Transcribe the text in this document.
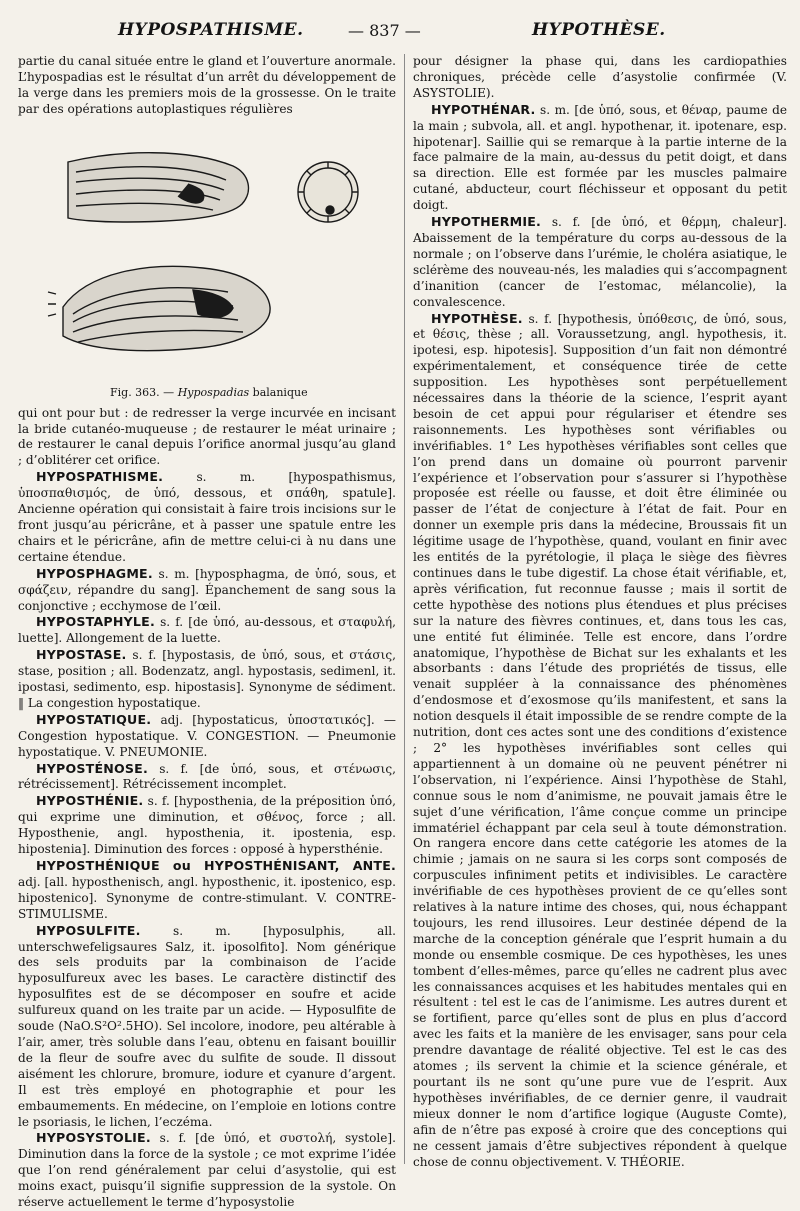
HYPOSPATHISME.	— 837 —	HYPOTHÈSE.

partie du canal située entre le gland et l’ouverture anormale. L’hypospadias est le résultat d’un arrêt du développement de la verge dans les premiers mois de la grossesse. On le traite par des opérations autoplastiques régulières

Fig. 363. — Hypospadias balanique

qui ont pour but : de redresser la verge incurvée en incisant la bride cutanéo-muqueuse ; de restaurer le méat urinaire ; de restaurer le canal depuis l’orifice anormal jusqu’au gland ; d’oblitérer cet orifice.

HYPOSPATHISME.	s. m. [hypospathismus, ὑποσπαθισμός, de ὑπό, dessous, et σπάθη, spatule]. Ancienne opération qui consistait à faire trois incisions sur le front jusqu’au péricrâne, et à passer une spatule entre les chairs et le péricrâne, afin de mettre celui-ci à nu dans une certaine étendue.

HYPOSPHAGME. s. m. [hyposphagma, de ὑπό, sous, et σφάζειν, répandre du sang]. Épanchement de sang sous la conjonctive ; ecchymose de l’œil.

HYPOSTAPHYLE. s. f. [de ὑπό, au-dessous, et σταφυλή, luette]. Allongement de la luette.

HYPOSTASE. s. f. [hypostasis, de ὑπό, sous, et στάσις, stase, position ; all. Bodenzatz, angl. hypostasis, sedimenl, it. ipostasi, sedimento, esp. hipostasis]. Synonyme de sédiment. ‖ La congestion hypostatique.

HYPOSTATIQUE. adj. [hypostaticus, ὑποστατικός]. — Congestion hypostatique. V. CONGESTION. — Pneumonie hypostatique. V. PNEUMONIE.

HYPOSTÉNOSE. s. f. [de ὑπό, sous, et στένωσις, rétrécissement]. Rétrécissement incomplet.

HYPOSTHÉNIE. s. f. [hyposthenia, de la préposition ὑπό, qui exprime une diminution, et σθένος, force ; all. Hyposthenie, angl. hyposthenia, it. ipostenia, esp. hipostenia]. Diminution des forces : opposé à hypersthénie.

HYPOSTHÉNIQUE ou HYPOSTHÉNISANT, ANTE. adj. [all. hyposthenisch, angl. hyposthenic, it. ipostenico, esp. hipostenico]. Synonyme de contre-stimulant. V. CONTRE-STIMULISME.

HYPOSULFITE.	s. m. [hyposulphis, all. unterschwefeligsaures Salz, it. iposolfito]. Nom générique des sels produits par la combinaison de l’acide hyposulfureux avec les bases. Le caractère distinctif des hyposulfites est de se décomposer en soufre et acide sulfureux quand on les traite par un acide. — Hyposulfite de soude (NaO.S²O².5HO). Sel incolore, inodore, peu altérable à l’air, amer, très soluble dans l’eau, obtenu en faisant bouillir de la fleur de soufre avec du sulfite de soude. Il dissout aisément les chlorure, bromure, iodure et cyanure d’argent. Il est très employé en photographie et pour les embaumements. En médecine, on l’emploie en lotions contre le psoriasis, le lichen, l’eczéma.

HYPOSYSTOLIE. s. f. [de ὑπό, et συστολή, systole]. Diminution dans la force de la systole ; ce mot exprime l’idée que l’on rend généralement par celui d’asystolie, qui est moins exact, puisqu’il signifie suppression de la systole. On réserve actuellement le terme d’hyposystolie

pour désigner la phase qui, dans les cardiopathies chroniques, précède celle d’asystolie confirmée (V. ASYSTOLIE).

HYPOTHÉNAR. s. m. [de ὑπό, sous, et θέναρ, paume de la main ; subvola, all. et angl. hypothenar, it. ipotenare, esp. hipotenar]. Saillie qui se remarque à la partie interne de la face palmaire de la main, au-dessus du petit doigt, et dans sa direction. Elle est formée par les muscles palmaire cutané, abducteur, court fléchisseur et opposant du petit doigt.

HYPOTHERMIE. s. f. [de ὑπό, et θέρμη, chaleur]. Abaissement de la température du corps au-dessous de la normale ; on l’observe dans l’urémie, le choléra asiatique, le sclérème des nouveau-nés, les maladies qui s’accompagnent d’inanition (cancer de l’estomac, mélancolie), la convalescence.

HYPOTHÈSE. s. f. [hypothesis, ὑπόθεσις, de ὑπό, sous, et θέσις, thèse ; all. Voraussetzung, angl. hypothesis, it. ipotesi, esp. hipotesis]. Supposition d’un fait non démontré expérimentalement, et conséquence tirée de cette supposition. Les hypothèses sont perpétuellement nécessaires dans la théorie de la science, l’esprit ayant besoin de cet appui pour régulariser et étendre ses raisonnements. Les hypothèses sont vérifiables ou invérifiables. 1° Les hypothèses vérifiables sont celles que l’on prend dans un domaine où pourront parvenir l’expérience et l’observation pour s’assurer si l’hypothèse proposée est réelle ou fausse, et doit être éliminée ou passer de l’état de conjecture à l’état de fait. Pour en donner un exemple pris dans la médecine, Broussais fit un légitime usage de l’hypothèse, quand, voulant en finir avec les entités de la pyrétologie, il plaça le siège des fièvres continues dans le tube digestif. La chose était vérifiable, et, après vérification, fut reconnue fausse ; mais il sortit de cette hypothèse des notions plus étendues et plus précises sur la nature des fièvres continues, et, dans tous les cas, une entité fut éliminée. Telle est encore, dans l’ordre anatomique, l’hypothèse de Bichat sur les exhalants et les absorbants : dans l’étude des propriétés de tissus, elle venait suppléer à la connaissance des phénomènes d’endosmose et d’exosmose qu’ils manifestent, et sans la notion desquels il était impossible de se rendre compte de la nutrition, dont ces actes sont une des conditions d’existence ; 2° les hypothèses invérifiables sont celles qui appartiennent à un domaine où ne peuvent pénétrer ni l’observation, ni l’expérience. Ainsi l’hypothèse de Stahl, connue sous le nom d’animisme, ne pouvait jamais être le sujet d’une vérification, l’âme conçue comme un principe immatériel échappant par cela seul à toute démonstration. On rangera encore dans cette catégorie les atomes de la chimie ; jamais on ne saura si les corps sont composés de corpuscules infiniment petits et indivisibles. Le caractère invérifiable de ces hypothèses provient de ce qu’elles sont relatives à la nature intime des choses, qui, nous échappant toujours, les rend illusoires. Leur destinée dépend de la marche de la conception générale que l’esprit humain a du monde ou ensemble cosmique. De ces hypothèses, les unes tombent d’elles-mêmes, parce qu’elles ne cadrent plus avec les connaissances acquises et les habitudes mentales qui en résultent : tel est le cas de l’animisme. Les autres durent et se fortifient, parce qu’elles sont de plus en plus d’accord avec les faits et la manière de les envisager, sans pour cela prendre davantage de réalité objective. Tel est le cas des atomes ; ils servent la chimie et la science générale, et pourtant ils ne sont qu’une pure vue de l’esprit. Aux hypothèses invérifiables, de ce dernier genre, il vaudrait mieux donner le nom d’artifice logique (Auguste Comte), afin de n’être pas exposé à croire que des conceptions qui ne cessent jamais d’être subjectives répondent à quelque chose de connu objectivement. V. THÉORIE.
